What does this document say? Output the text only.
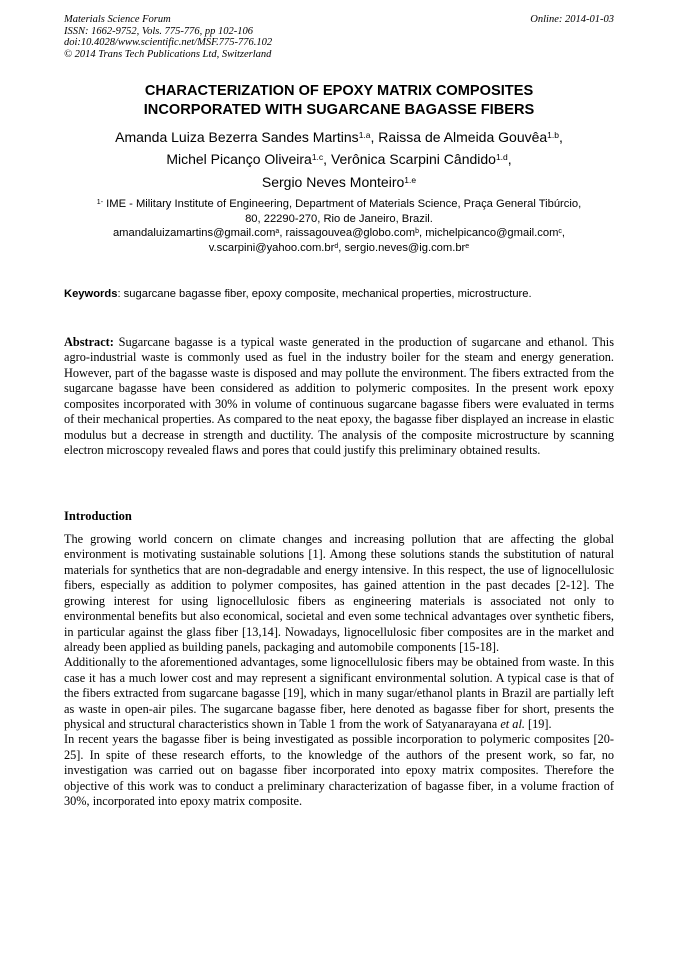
Materials Science Forum
ISSN: 1662-9752, Vols. 775-776, pp 102-106
doi:10.4028/www.scientific.net/MSF.775-776.102
© 2014 Trans Tech Publications Ltd, Switzerland
Online: 2014-01-03
CHARACTERIZATION OF EPOXY MATRIX COMPOSITES
INCORPORATED WITH SUGARCANE BAGASSE FIBERS
Amanda Luiza Bezerra Sandes Martins$^{1.a}$, Raissa de Almeida Gouvêa$^{1.b}$,
Michel Picanço Oliveira$^{1.c}$, Verônica Scarpini Cândido$^{1.d}$,
Sergio Neves Monteiro$^{1.e}$
$^{1-}$ IME - Military Institute of Engineering, Department of Materials Science, Praça General Tibúrcio,
80, 22290-270, Rio de Janeiro, Brazil.
amandaluizamartins@gmail.com$^a$, raissagouvea@globo.com$^b$, michelpicanco@gmail.com$^c$,
$v.scarpini@yahoo.com.br^d$, $sergio.neves@ig.com.br^e$
Keywords: sugarcane bagasse fiber, epoxy composite, mechanical properties, microstructure.
Abstract: Sugarcane bagasse is a typical waste generated in the production of sugarcane and ethanol. This agro-industrial waste is commonly used as fuel in the industry boiler for the steam and energy generation. However, part of the bagasse waste is disposed and may pollute the environment. The fibers extracted from the sugarcane bagasse have been considered as addition to polymeric composites. In the present work epoxy composites incorporated with 30% in volume of continuous sugarcane bagasse fibers were evaluated in terms of their mechanical properties. As compared to the neat epoxy, the bagasse fiber displayed an increase in elastic modulus but a decrease in strength and ductility. The analysis of the composite microstructure by scanning electron microscopy revealed flaws and pores that could justify this preliminary obtained results.
Introduction

The growing world concern on climate changes and increasing pollution that are affecting the global environment is motivating sustainable solutions [1]. Among these solutions stands the substitution of natural materials for synthetics that are non-degradable and energy intensive. In this respect, the use of lignocellulosic fibers, especially as addition to polymer composites, has gained attention in the past decades [2-12]. The growing interest for using lignocellulosic fibers as engineering materials is associated not only to environmental benefits but also economical, societal and even some technical advantages over synthetic fibers, in particular against the glass fiber [13,14]. Nowadays, lignocellulosic fiber composites are in the market and already been applied as building panels, packaging and automobile components [15-18].

Additionally to the aforementioned advantages, some lignocellulosic fibers may be obtained from waste. In this case it has a much lower cost and may represent a significant environmental solution. A typical case is that of the fibers extracted from sugarcane bagasse [19], which in many sugar/ethanol plants in Brazil are partially left as waste in open-air piles. The sugarcane bagasse fiber, here denoted as bagasse fiber for short, presents the physical and structural characteristics shown in Table 1 from the work of Satyanarayana et al. [19].

In recent years the bagasse fiber is being investigated as possible incorporation to polymeric composites [20-25]. In spite of these research efforts, to the knowledge of the authors of the present work, so far, no investigation was carried out on bagasse fiber incorporated into epoxy matrix composites. Therefore the objective of this work was to conduct a preliminary characterization of bagasse fiber, in a volume fraction of 30%, incorporated into epoxy matrix composite.
